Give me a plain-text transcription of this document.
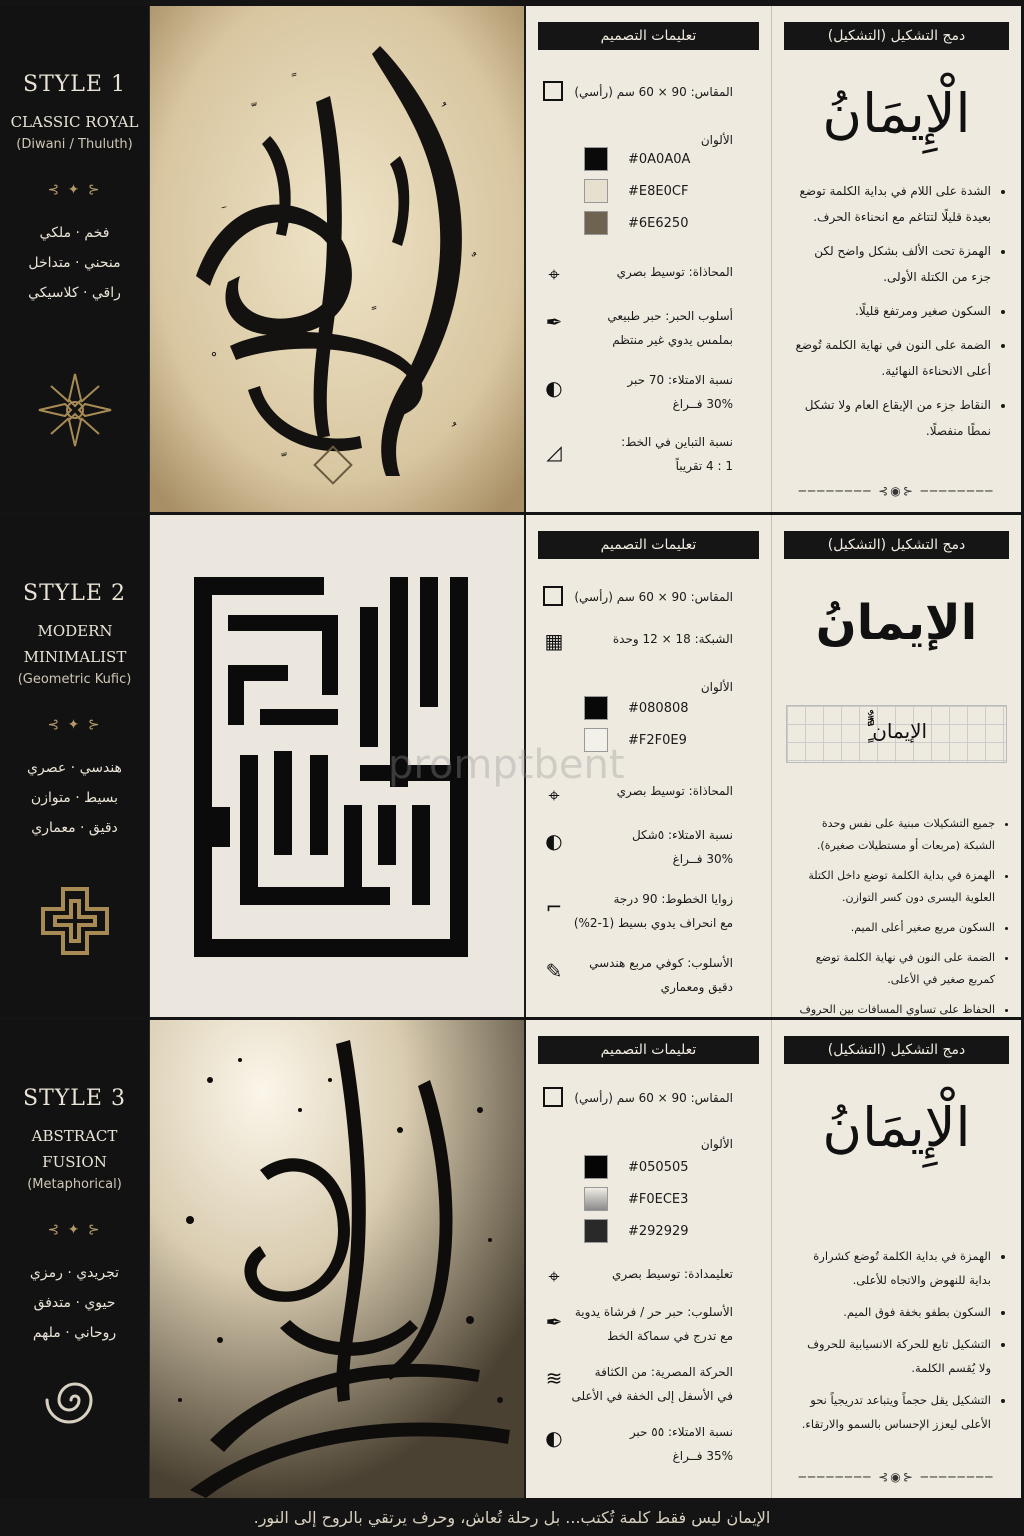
STYLE 1
CLASSIC ROYAL
(Diwani / Thuluth)
⊰ ✦ ⊱
فخم · ملكي
منحني · متداخل
راقي · كلاسيكي
تعليمات التصميم
المقاس: 90 × 60 سم (رأسي)
الألوان
#0A0A0A
#E8E0CF
#6E6250
⌖	المحاذاة: توسيط بصري
✒	أسلوب الحبر: حبر طبيعي
بملمس يدوي غير منتظم
◐	نسبة الامتلاء: 70 حبر
30% فــراغ
◿	نسبة التباين في الخط:
1 : 4 تقريباً
دمج التشكيل (التشكيل)
الْإِيمَانُ
• الشدة على اللام في بداية الكلمة توضع بعيدة قليلًا لتتاغم مع انحناءة الحرف.
• الهمزة تحت الألف بشكل واضح لكن جزء من الكتلة الأولى.
• السكون صغير ومرتفع قليلًا.
• الضمة على النون في نهاية الكلمة تُوضع أعلى الانحناءة النهائية.
• النقاط جزء من الإيقاع العام ولا تشكل نمطًا منفصلًا.
──────── ⊰◉⊱ ────────
STYLE 2
MODERN MINIMALIST
(Geometric Kufic)
⊰ ✦ ⊱
هندسي · عصري
بسيط · متوازن
دقيق · معماري
تعليمات التصميم
المقاس: 90 × 60 سم (رأسي)
▦	الشبكة: 18 × 12 وحدة
الألوان
#080808
#F2F0E9
⌖	المحاذاة: توسيط بصري
◐	نسبة الامتلاء: ٥شكل
30% فــراغ
⌐	زوايا الخطوط: 90 درجة
مع انحراف يدوي بسيط (1-2%)
✎	الأسلوب: كوفي مربع هندسي
دقيق ومعماري
دمج التشكيل (التشكيل)
الإيمانُ
ًٌٍَُِّ الإيمان
• جميع التشكيلات مبنية على نفس وحدة الشبكة (مربعات أو مستطيلات صغيرة).
• الهمزة في بداية الكلمة توضع داخل الكتلة العلوية اليسرى دون كسر التوازن.
• السكون مربع صغير أعلى الميم.
• الضمة على النون في نهاية الكلمة توضع كمربع صغير في الأعلى.
• الحفاظ على تساوي المسافات بين الحروف
STYLE 3
ABSTRACT FUSION
(Metaphorical)
⊰ ✦ ⊱
تجريدي · رمزي
حيوي · متدفق
روحاني · ملهم
تعليمات التصميم
المقاس: 90 × 60 سم (رأسي)
الألوان
#050505
#F0ECE3
#292929
⌖	تعليمدادة: توسيط بصري
✒	الأسلوب: حبر حر / فرشاة يدوية
مع تدرج في سماكة الخط
≋	الحركة المصرية: من الكثافة
في الأسفل إلى الخفة في الأعلى
◐	نسبة الامتلاء: ٥٥ حبر
35% فــراغ
دمج التشكيل (التشكيل)
الْإِيمَانُ
• الهمزة في بداية الكلمة تُوضع كشرارة بداية للنهوض والاتجاه للأعلى.
• السكون بطفو بخفة فوق الميم.
• التشكيل تابع للحركة الانسيابية للحروف ولا يُقسم الكلمة.
• التشكيل يقل حجماً ويتباعد تدريجياً نحو الأعلى ليعزز الإحساس بالسمو والارتقاء.
──────── ⊰◉⊱ ────────
promptbent
الإيمان ليس فقط كلمة تُكتب... بل رحلة تُعاش، وحرف يرتقي بالروح إلى النور.
